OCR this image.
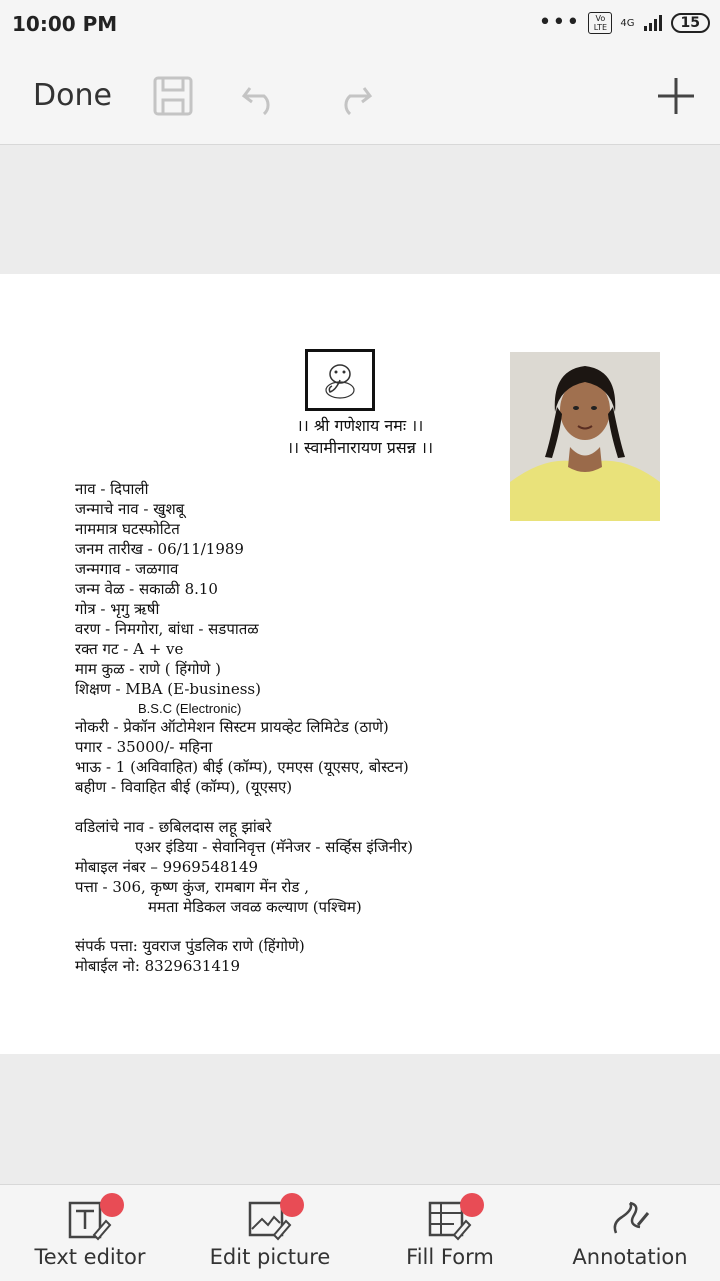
10:00 PM	•••	Vo LTE	4G	15
Done
।। श्री गणेशाय नमः ।।
।। स्वामीनारायण प्रसन्न ।।
नाव - दिपाली
जन्माचे नाव - खुशबू
नाममात्र घटस्फोटित
जनम तारीख - 06/11/1989
जन्मगाव - जळगाव
जन्म वेळ - सकाळी 8.10
गोत्र - भृगु ऋषी
वरण - निमगोरा, बांधा - सडपातळ
रक्त गट - A + ve
माम कुळ - राणे ( हिंगोणे )
शिक्षण - MBA (E-business)
B.S.C (Electronic)
नोकरी - प्रेकॉन ऑटोमेशन सिस्टम प्रायव्हेट लिमिटेड (ठाणे)
पगार - 35000/- महिना
भाऊ - 1 (अविवाहित) बीई (कॉम्प), एमएस (यूएसए, बोस्टन)
बहीण - विवाहित बीई (कॉम्प), (यूएसए)
वडिलांचे नाव - छबिलदास लहू झांबरे
एअर इंडिया - सेवानिवृत्त (मॅनेजर - सर्व्हिस इंजिनीर)
मोबाइल नंबर – 9969548149
पत्ता - 306, कृष्ण कुंज, रामबाग मेंन रोड ,
ममता मेडिकल जवळ कल्याण (पश्चिम)
संपर्क पत्ता: युवराज पुंडलिक राणे (हिंगोणे)
मोबाईल नो: 8329631419
Text editor	Edit picture	Fill Form	Annotation
